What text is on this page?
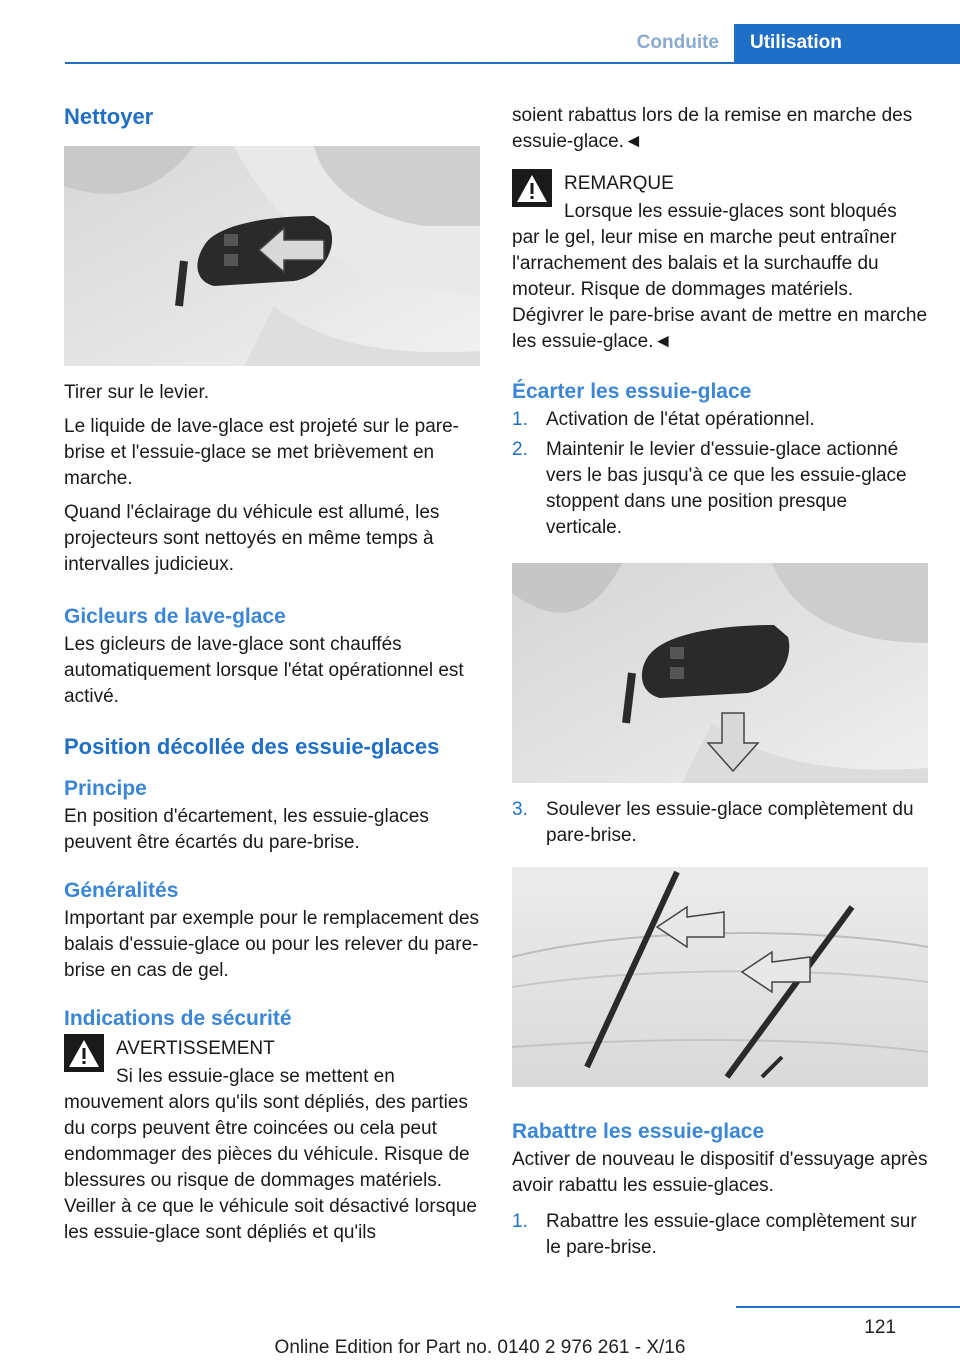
Conduite	Utilisation
Nettoyer

Tirer sur le levier.

Le liquide de lave-glace est projeté sur le pare-brise et l'essuie-glace se met brièvement en marche.

Quand l'éclairage du véhicule est allumé, les projecteurs sont nettoyés en même temps à intervalles judicieux.

Gicleurs de lave-glace

Les gicleurs de lave-glace sont chauffés automatiquement lorsque l'état opérationnel est activé.

Position décollée des essuie-glaces
Principe

En position d'écartement, les essuie-glaces peuvent être écartés du pare-brise.

Généralités

Important par exemple pour le remplacement des balais d'essuie-glace ou pour les relever du pare-brise en cas de gel.

Indications de sécurité
AVERTISSEMENT
Si les essuie-glace se mettent en mouvement alors qu'ils sont dépliés, des parties du corps peuvent être coincées ou cela peut endommager des pièces du véhicule. Risque de blessures ou risque de dommages matériels. Veiller à ce que le véhicule soit désactivé lorsque les essuie-glace sont dépliés et qu'ils

soient rabattus lors de la remise en marche des essuie-glace.◄

REMARQUE
Lorsque les essuie-glaces sont bloqués par le gel, leur mise en marche peut entraîner l'arrachement des balais et la surchauffe du moteur. Risque de dommages matériels. Dégivrer le pare-brise avant de mettre en marche les essuie-glace.◄
Écarter les essuie-glace
1. Activation de l'état opérationnel.
2. Maintenir le levier d'essuie-glace actionné vers le bas jusqu'à ce que les essuie-glace stoppent dans une position presque verticale.
3. Soulever les essuie-glace complètement du pare-brise.
Rabattre les essuie-glace

Activer de nouveau le dispositif d'essuyage après avoir rabattu les essuie-glaces.

1. Rabattre les essuie-glace complètement sur le pare-brise.
121
Online Edition for Part no. 0140 2 976 261 - X/16
